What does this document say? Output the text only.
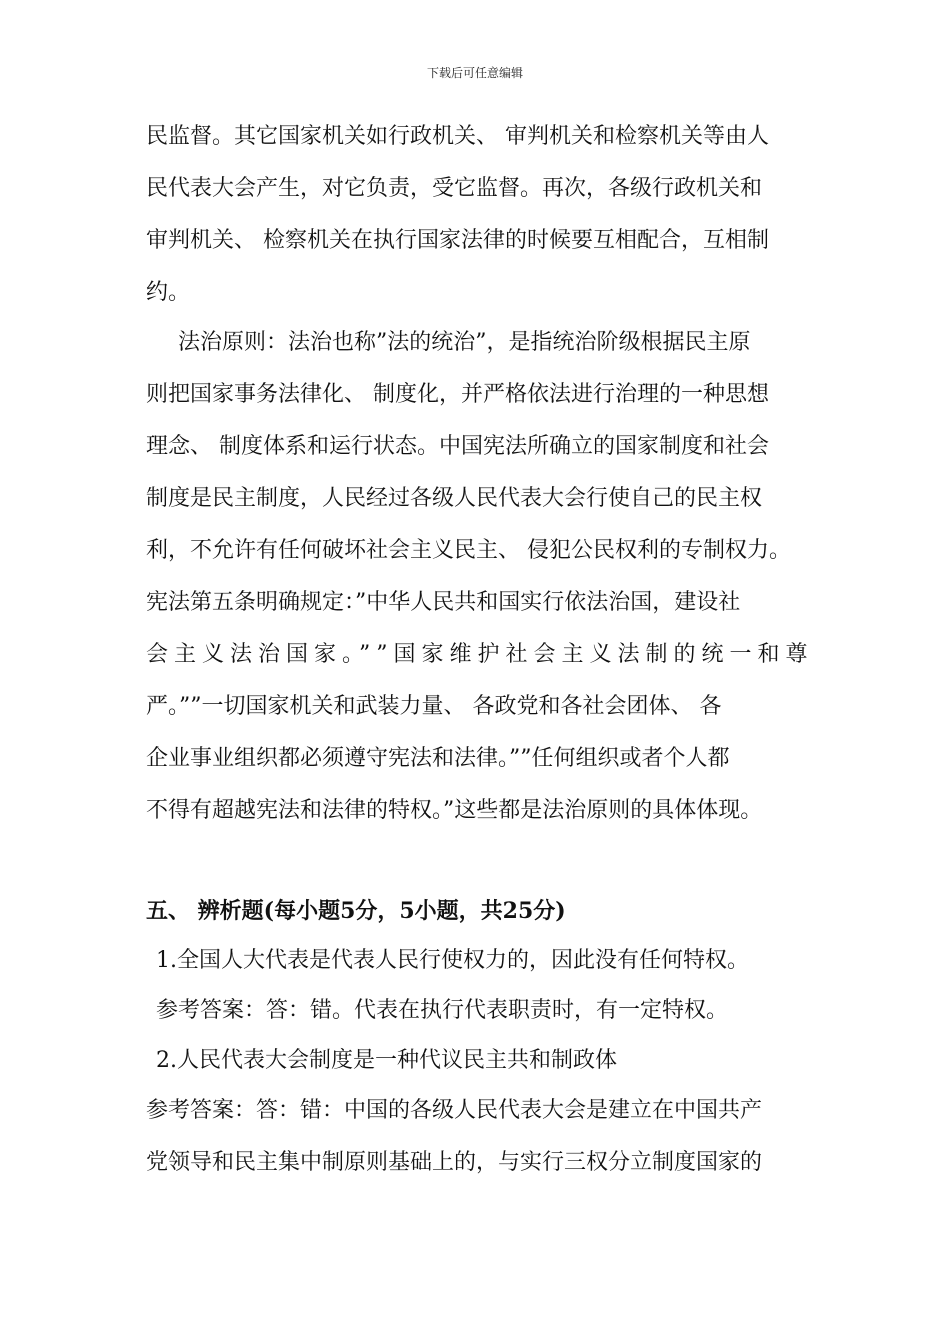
下载后可任意编辑
民监督。其它国家机关如行政机关、 审判机关和检察机关等由人
民代表大会产生，对它负责，受它监督。再次，各级行政机关和
审判机关、 检察机关在执行国家法律的时候要互相配合，互相制
约。
法治原则：法治也称”法的统治”，是指统治阶级根据民主原
则把国家事务法律化、 制度化，并严格依法进行治理的一种思想
理念、 制度体系和运行状态。中国宪法所确立的国家制度和社会
制度是民主制度，人民经过各级人民代表大会行使自己的民主权
利，不允许有任何破坏社会主义民主、 侵犯公民权利的专制权力。
宪法第五条明确规定：”中华人民共和国实行依法治国，建设社
会主义法治国家。””国家维护社会主义法制的统一和尊
严。””一切国家机关和武装力量、 各政党和各社会团体、 各
企业事业组织都必须遵守宪法和法律。””任何组织或者个人都
不得有超越宪法和法律的特权。”这些都是法治原则的具体体现。
五、 辨析题(每小题5分，5小题，共25分)
1.全国人大代表是代表人民行使权力的，因此没有任何特权。
参考答案：答：错。代表在执行代表职责时，有一定特权。
2.人民代表大会制度是一种代议民主共和制政体
参考答案：答：错：中国的各级人民代表大会是建立在中国共产
党领导和民主集中制原则基础上的，与实行三权分立制度国家的
